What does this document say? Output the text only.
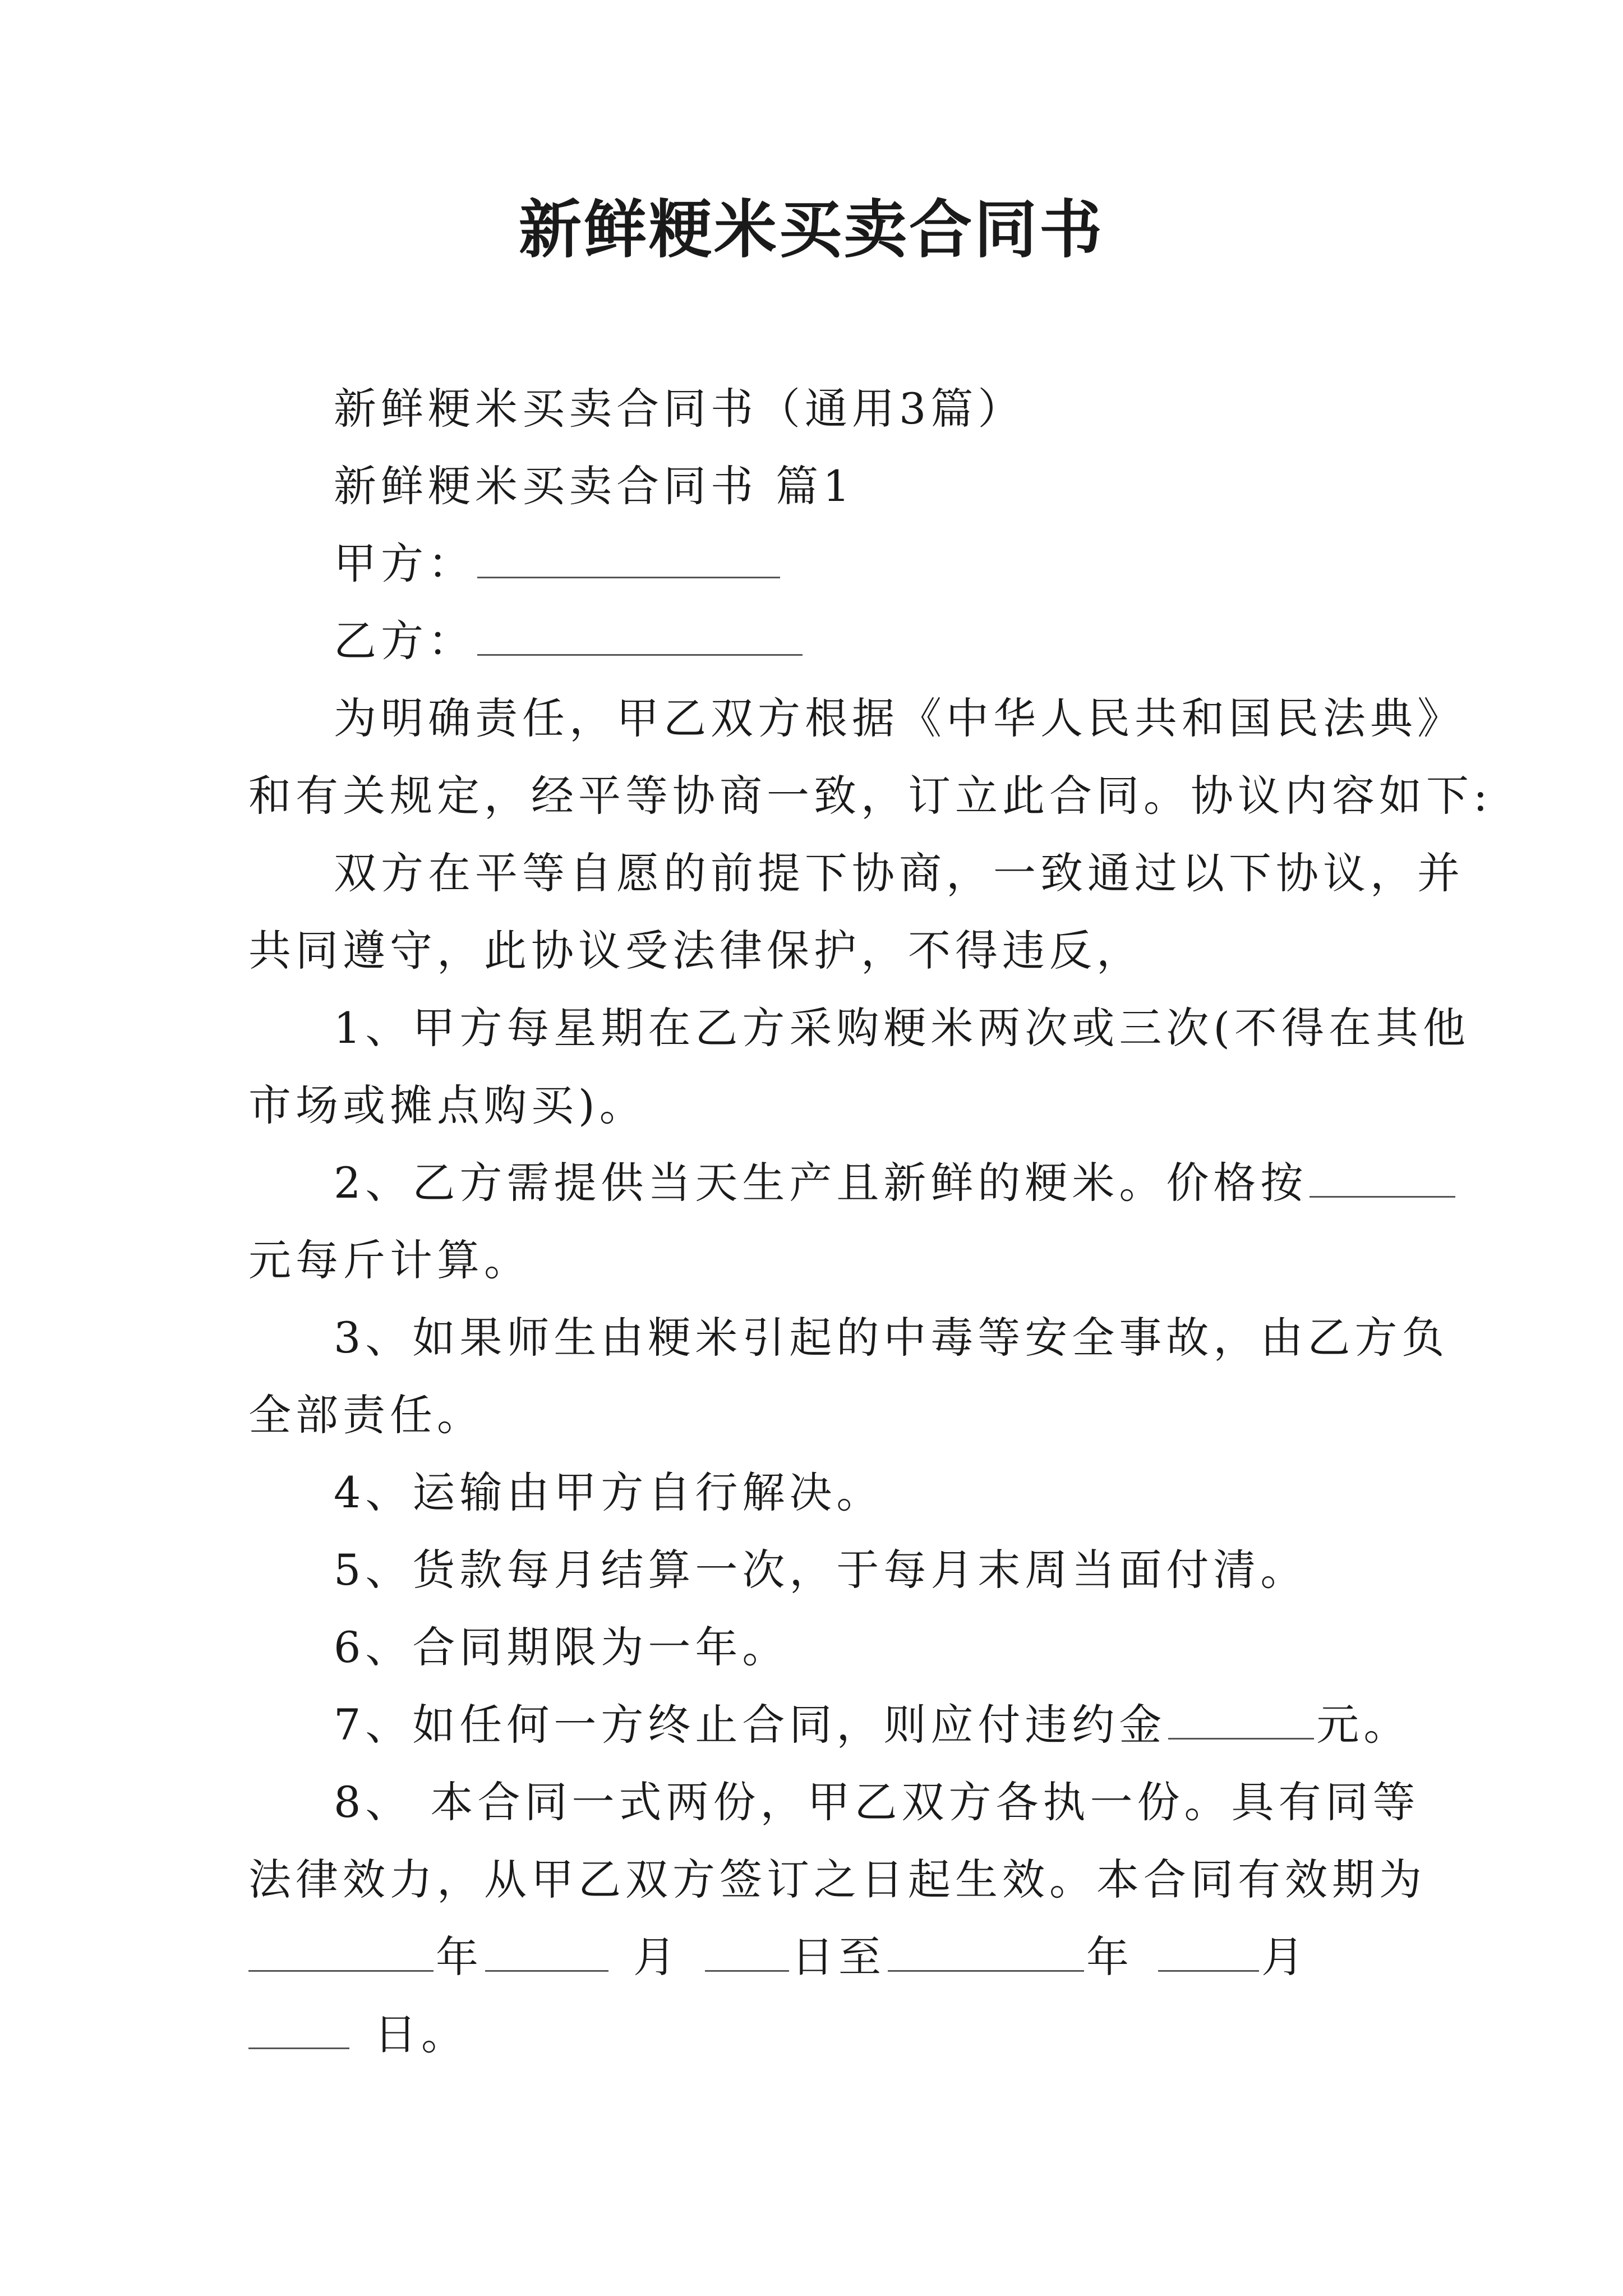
新鲜粳米买卖合同书
新鲜粳米买卖合同书（通用3篇）
新鲜粳米买卖合同书 篇1
甲方：
乙方：
为明确责任，甲乙双方根据《中华人民共和国民法典》
和有关规定，经平等协商一致，订立此合同。协议内容如下:
双方在平等自愿的前提下协商，一致通过以下协议，并
共同遵守，此协议受法律保护，不得违反，
1、甲方每星期在乙方采购粳米两次或三次(不得在其他
市场或摊点购买)。
2、乙方需提供当天生产且新鲜的粳米。价格按
元每斤计算。
3、如果师生由粳米引起的中毒等安全事故，由乙方负
全部责任。
4、运输由甲方自行解决。
5、货款每月结算一次，于每月末周当面付清。
6、合同期限为一年。
7、如任何一方终止合同，则应付违约金	元。
8、 本合同一式两份，甲乙双方各执一份。具有同等
法律效力，从甲乙双方签订之日起生效。本合同有效期为
年	月	日至	年	月
日。
